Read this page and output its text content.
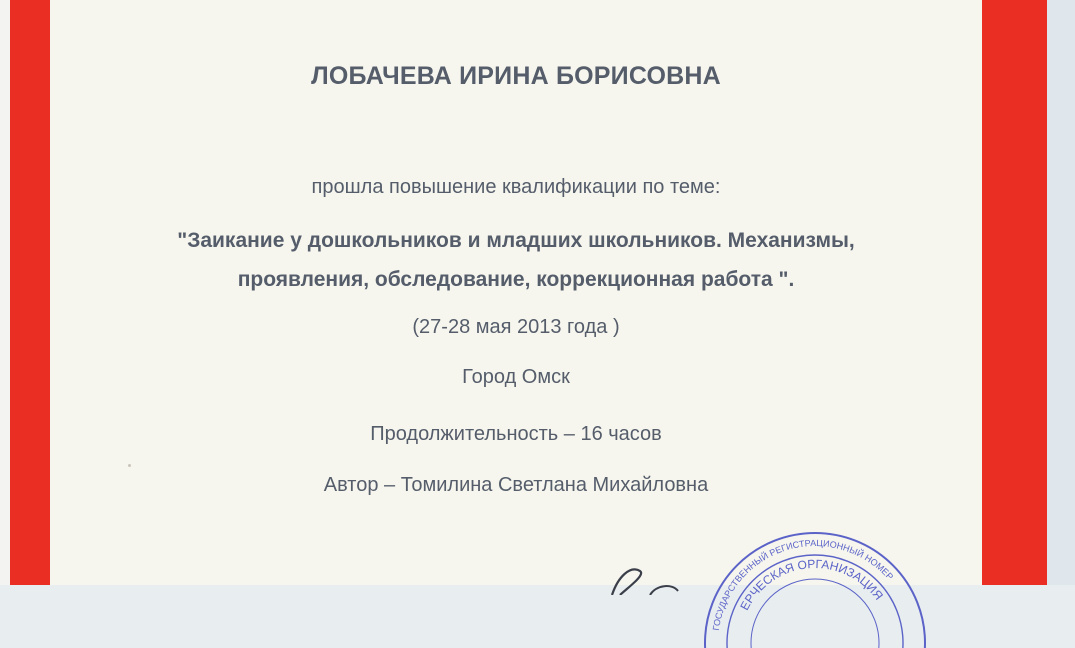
ЛОБАЧЕВА ИРИНА БОРИСОВНА
прошла повышение квалификации по теме:
"Заикание у дошкольников и младших школьников. Механизмы,
проявления, обследование, коррекционная работа ".
(27-28 мая 2013 года )
Город Омск
Продолжительность – 16 часов
Автор – Томилина Светлана Михайловна
ГОСУДАРСТВЕННЫЙ РЕГИСТРАЦИОННЫЙ НОМЕР
ЕРЧЕСКАЯ ОРГАНИЗАЦИЯ
